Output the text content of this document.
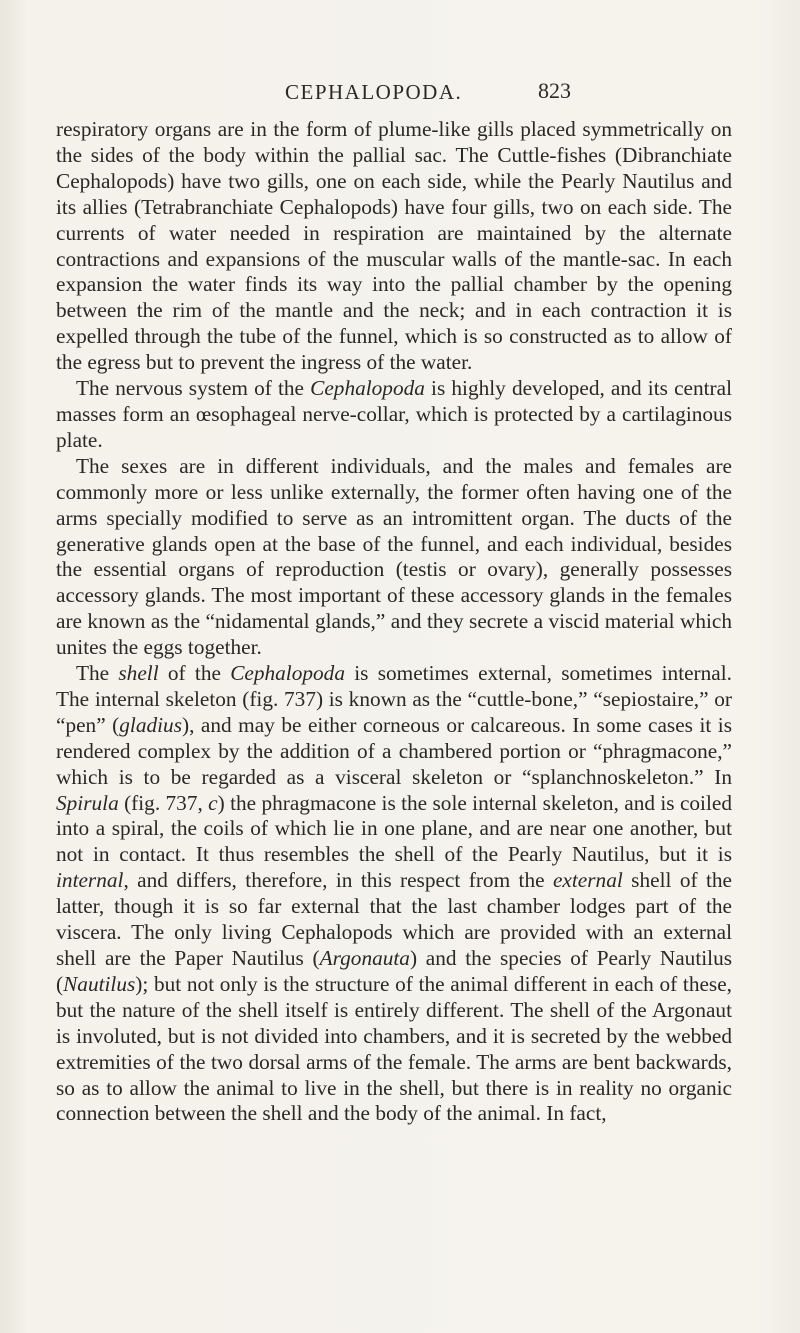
CEPHALOPODA.	823

respiratory organs are in the form of plume-like gills placed symmetrically on the sides of the body within the pallial sac. The Cuttle-fishes (Dibranchiate Cephalopods) have two gills, one on each side, while the Pearly Nautilus and its allies (Tetrabranchiate Cephalopods) have four gills, two on each side. The currents of water needed in respiration are maintained by the alternate contractions and expansions of the muscular walls of the mantle-sac. In each expansion the water finds its way into the pallial chamber by the opening between the rim of the mantle and the neck; and in each contraction it is expelled through the tube of the funnel, which is so constructed as to allow of the egress but to prevent the ingress of the water.

The nervous system of the Cephalopoda is highly developed, and its central masses form an œsophageal nerve-collar, which is protected by a cartilaginous plate.

The sexes are in different individuals, and the males and females are commonly more or less unlike externally, the former often having one of the arms specially modified to serve as an intromittent organ. The ducts of the generative glands open at the base of the funnel, and each individual, besides the essential organs of reproduction (testis or ovary), generally possesses accessory glands. The most important of these accessory glands in the females are known as the “nidamental glands,” and they secrete a viscid material which unites the eggs together.

The shell of the Cephalopoda is sometimes external, sometimes internal. The internal skeleton (fig. 737) is known as the “cuttle-bone,” “sepiostaire,” or “pen” (gladius), and may be either corneous or calcareous. In some cases it is rendered complex by the addition of a chambered portion or “phragmacone,” which is to be regarded as a visceral skeleton or “splanchnoskeleton.” In Spirula (fig. 737, c) the phragmacone is the sole internal skeleton, and is coiled into a spiral, the coils of which lie in one plane, and are near one another, but not in contact. It thus resembles the shell of the Pearly Nautilus, but it is internal, and differs, therefore, in this respect from the external shell of the latter, though it is so far external that the last chamber lodges part of the viscera. The only living Cephalopods which are provided with an external shell are the Paper Nautilus (Argonauta) and the species of Pearly Nautilus (Nautilus); but not only is the structure of the animal different in each of these, but the nature of the shell itself is entirely different. The shell of the Argonaut is involuted, but is not divided into chambers, and it is secreted by the webbed extremities of the two dorsal arms of the female. The arms are bent backwards, so as to allow the animal to live in the shell, but there is in reality no organic connection between the shell and the body of the animal. In fact,
